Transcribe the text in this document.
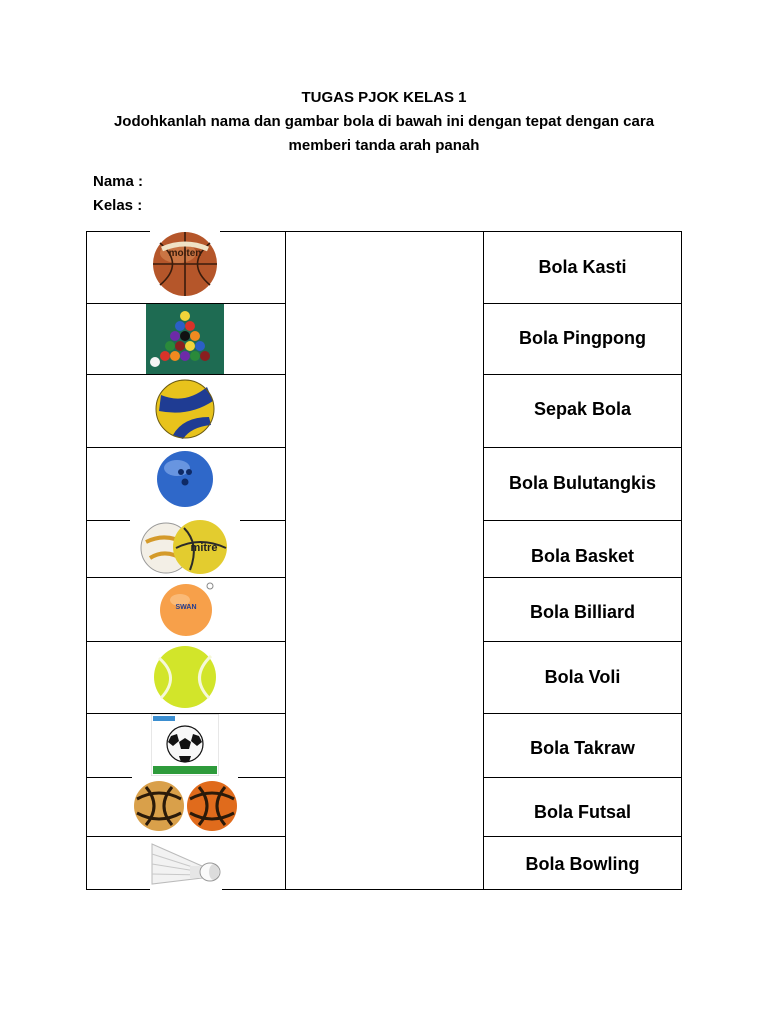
TUGAS PJOK KELAS 1
Jodohkanlah nama dan gambar bola di bawah ini dengan tepat dengan cara
memberi tanda arah panah
Nama :
Kelas :
molten
mitre
SWAN
Bola Kasti
Bola Pingpong
Sepak Bola
Bola Bulutangkis
Bola Basket
Bola Billiard
Bola Voli
Bola Takraw
Bola Futsal
Bola Bowling
